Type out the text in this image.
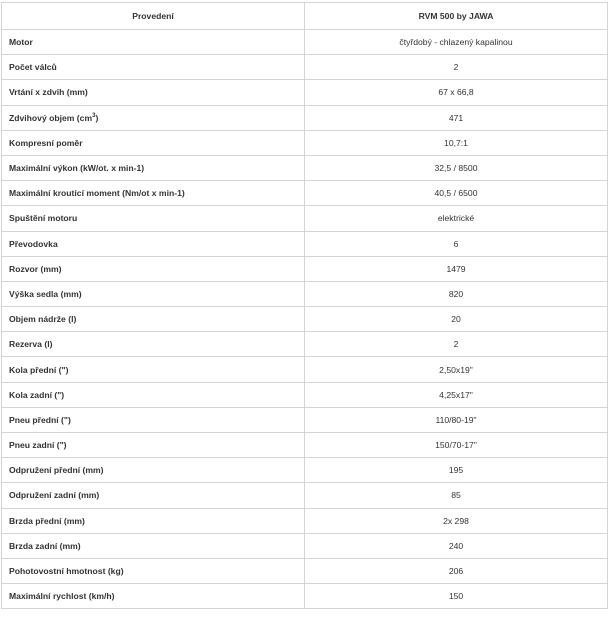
Provedení	RVM 500 by JAWA
Motor	čtyřdobý - chlazený kapalinou
Počet válců	2
Vrtání x zdvih (mm)	67 x 66,8
Zdvihový objem $(cm^3)$	471
Kompresní poměr	10,7:1
Maximální výkon (kW/ot. x min-1)	32,5 / 8500
Maximální kroutící moment (Nm/ot x min-1)	40,5 / 6500
Spuštění motoru	elektrické
Převodovka	6
Rozvor (mm)	1479
Výška sedla (mm)	820
Objem nádrže (l)	20
Rezerva (l)	2
Kola přední (")	2,50x19"
Kola zadní (")	4,25x17"
Pneu přední (")	110/80-19"
Pneu zadní (")	150/70-17"
Odpružení přední (mm)	195
Odpružení zadní (mm)	85
Brzda přední (mm)	2x 298
Brzda zadní (mm)	240
Pohotovostní hmotnost (kg)	206
Maximální rychlost (km/h)	150
